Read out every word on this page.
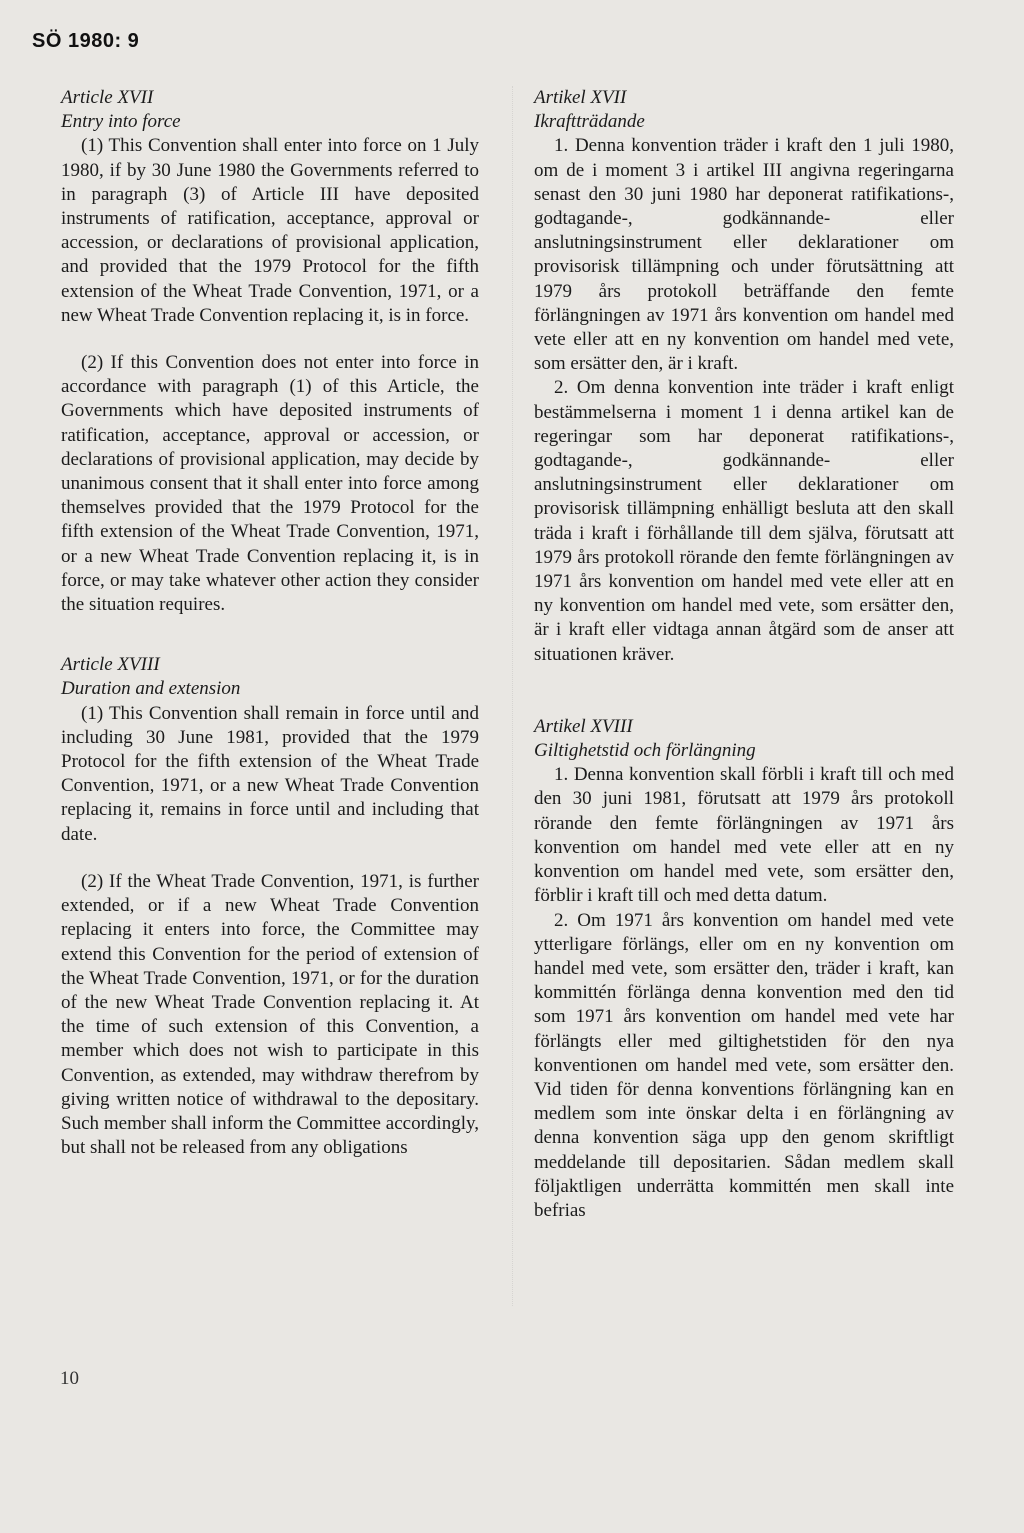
SÖ 1980: 9

Article XVII

Entry into force

(1) This Convention shall enter into force on 1 July 1980, if by 30 June 1980 the Governments referred to in paragraph (3) of Article III have deposited instruments of ratification, acceptance, approval or accession, or declarations of provisional application, and provided that the 1979 Protocol for the fifth extension of the Wheat Trade Convention, 1971, or a new Wheat Trade Convention replacing it, is in force.

(2) If this Convention does not enter into force in accordance with paragraph (1) of this Article, the Governments which have deposited instruments of ratification, acceptance, approval or accession, or declarations of provisional application, may decide by unanimous consent that it shall enter into force among themselves provided that the 1979 Protocol for the fifth extension of the Wheat Trade Convention, 1971, or a new Wheat Trade Convention replacing it, is in force, or may take whatever other action they consider the situation requires.

Article XVIII

Duration and extension

(1) This Convention shall remain in force until and including 30 June 1981, provided that the 1979 Protocol for the fifth extension of the Wheat Trade Convention, 1971, or a new Wheat Trade Convention replacing it, remains in force until and including that date.

(2) If the Wheat Trade Convention, 1971, is further extended, or if a new Wheat Trade Convention replacing it enters into force, the Committee may extend this Convention for the period of extension of the Wheat Trade Convention, 1971, or for the duration of the new Wheat Trade Convention replacing it. At the time of such extension of this Convention, a member which does not wish to participate in this Convention, as extended, may withdraw therefrom by giving written notice of withdrawal to the depositary. Such member shall inform the Committee accordingly, but shall not be released from any obligations

Artikel XVII

Ikraftträdande

1. Denna konvention träder i kraft den 1 juli 1980, om de i moment 3 i artikel III angivna regeringarna senast den 30 juni 1980 har deponerat ratifikations-, godtagande-, godkännande- eller anslutningsinstrument eller deklarationer om provisorisk tillämpning och under förutsättning att 1979 års protokoll beträffande den femte förlängningen av 1971 års konvention om handel med vete eller att en ny konvention om handel med vete, som ersätter den, är i kraft.

2. Om denna konvention inte träder i kraft enligt bestämmelserna i moment 1 i denna artikel kan de regeringar som har deponerat ratifikations-, godtagande-, godkännande- eller anslutningsinstrument eller deklarationer om provisorisk tillämpning enhälligt besluta att den skall träda i kraft i förhållande till dem själva, förutsatt att 1979 års protokoll rörande den femte förlängningen av 1971 års konvention om handel med vete eller att en ny konvention om handel med vete, som ersätter den, är i kraft eller vidtaga annan åtgärd som de anser att situationen kräver.

Artikel XVIII

Giltighetstid och förlängning

1. Denna konvention skall förbli i kraft till och med den 30 juni 1981, förutsatt att 1979 års protokoll rörande den femte förlängningen av 1971 års konvention om handel med vete eller att en ny konvention om handel med vete, som ersätter den, förblir i kraft till och med detta datum.

2. Om 1971 års konvention om handel med vete ytterligare förlängs, eller om en ny konvention om handel med vete, som ersätter den, träder i kraft, kan kommittén förlänga denna konvention med den tid som 1971 års konvention om handel med vete har förlängts eller med giltighetstiden för den nya konventionen om handel med vete, som ersätter den. Vid tiden för denna konventions förlängning kan en medlem som inte önskar delta i en förlängning av denna konvention säga upp den genom skriftligt meddelande till depositarien. Sådan medlem skall följaktligen underrätta kommittén men skall inte befrias

10
